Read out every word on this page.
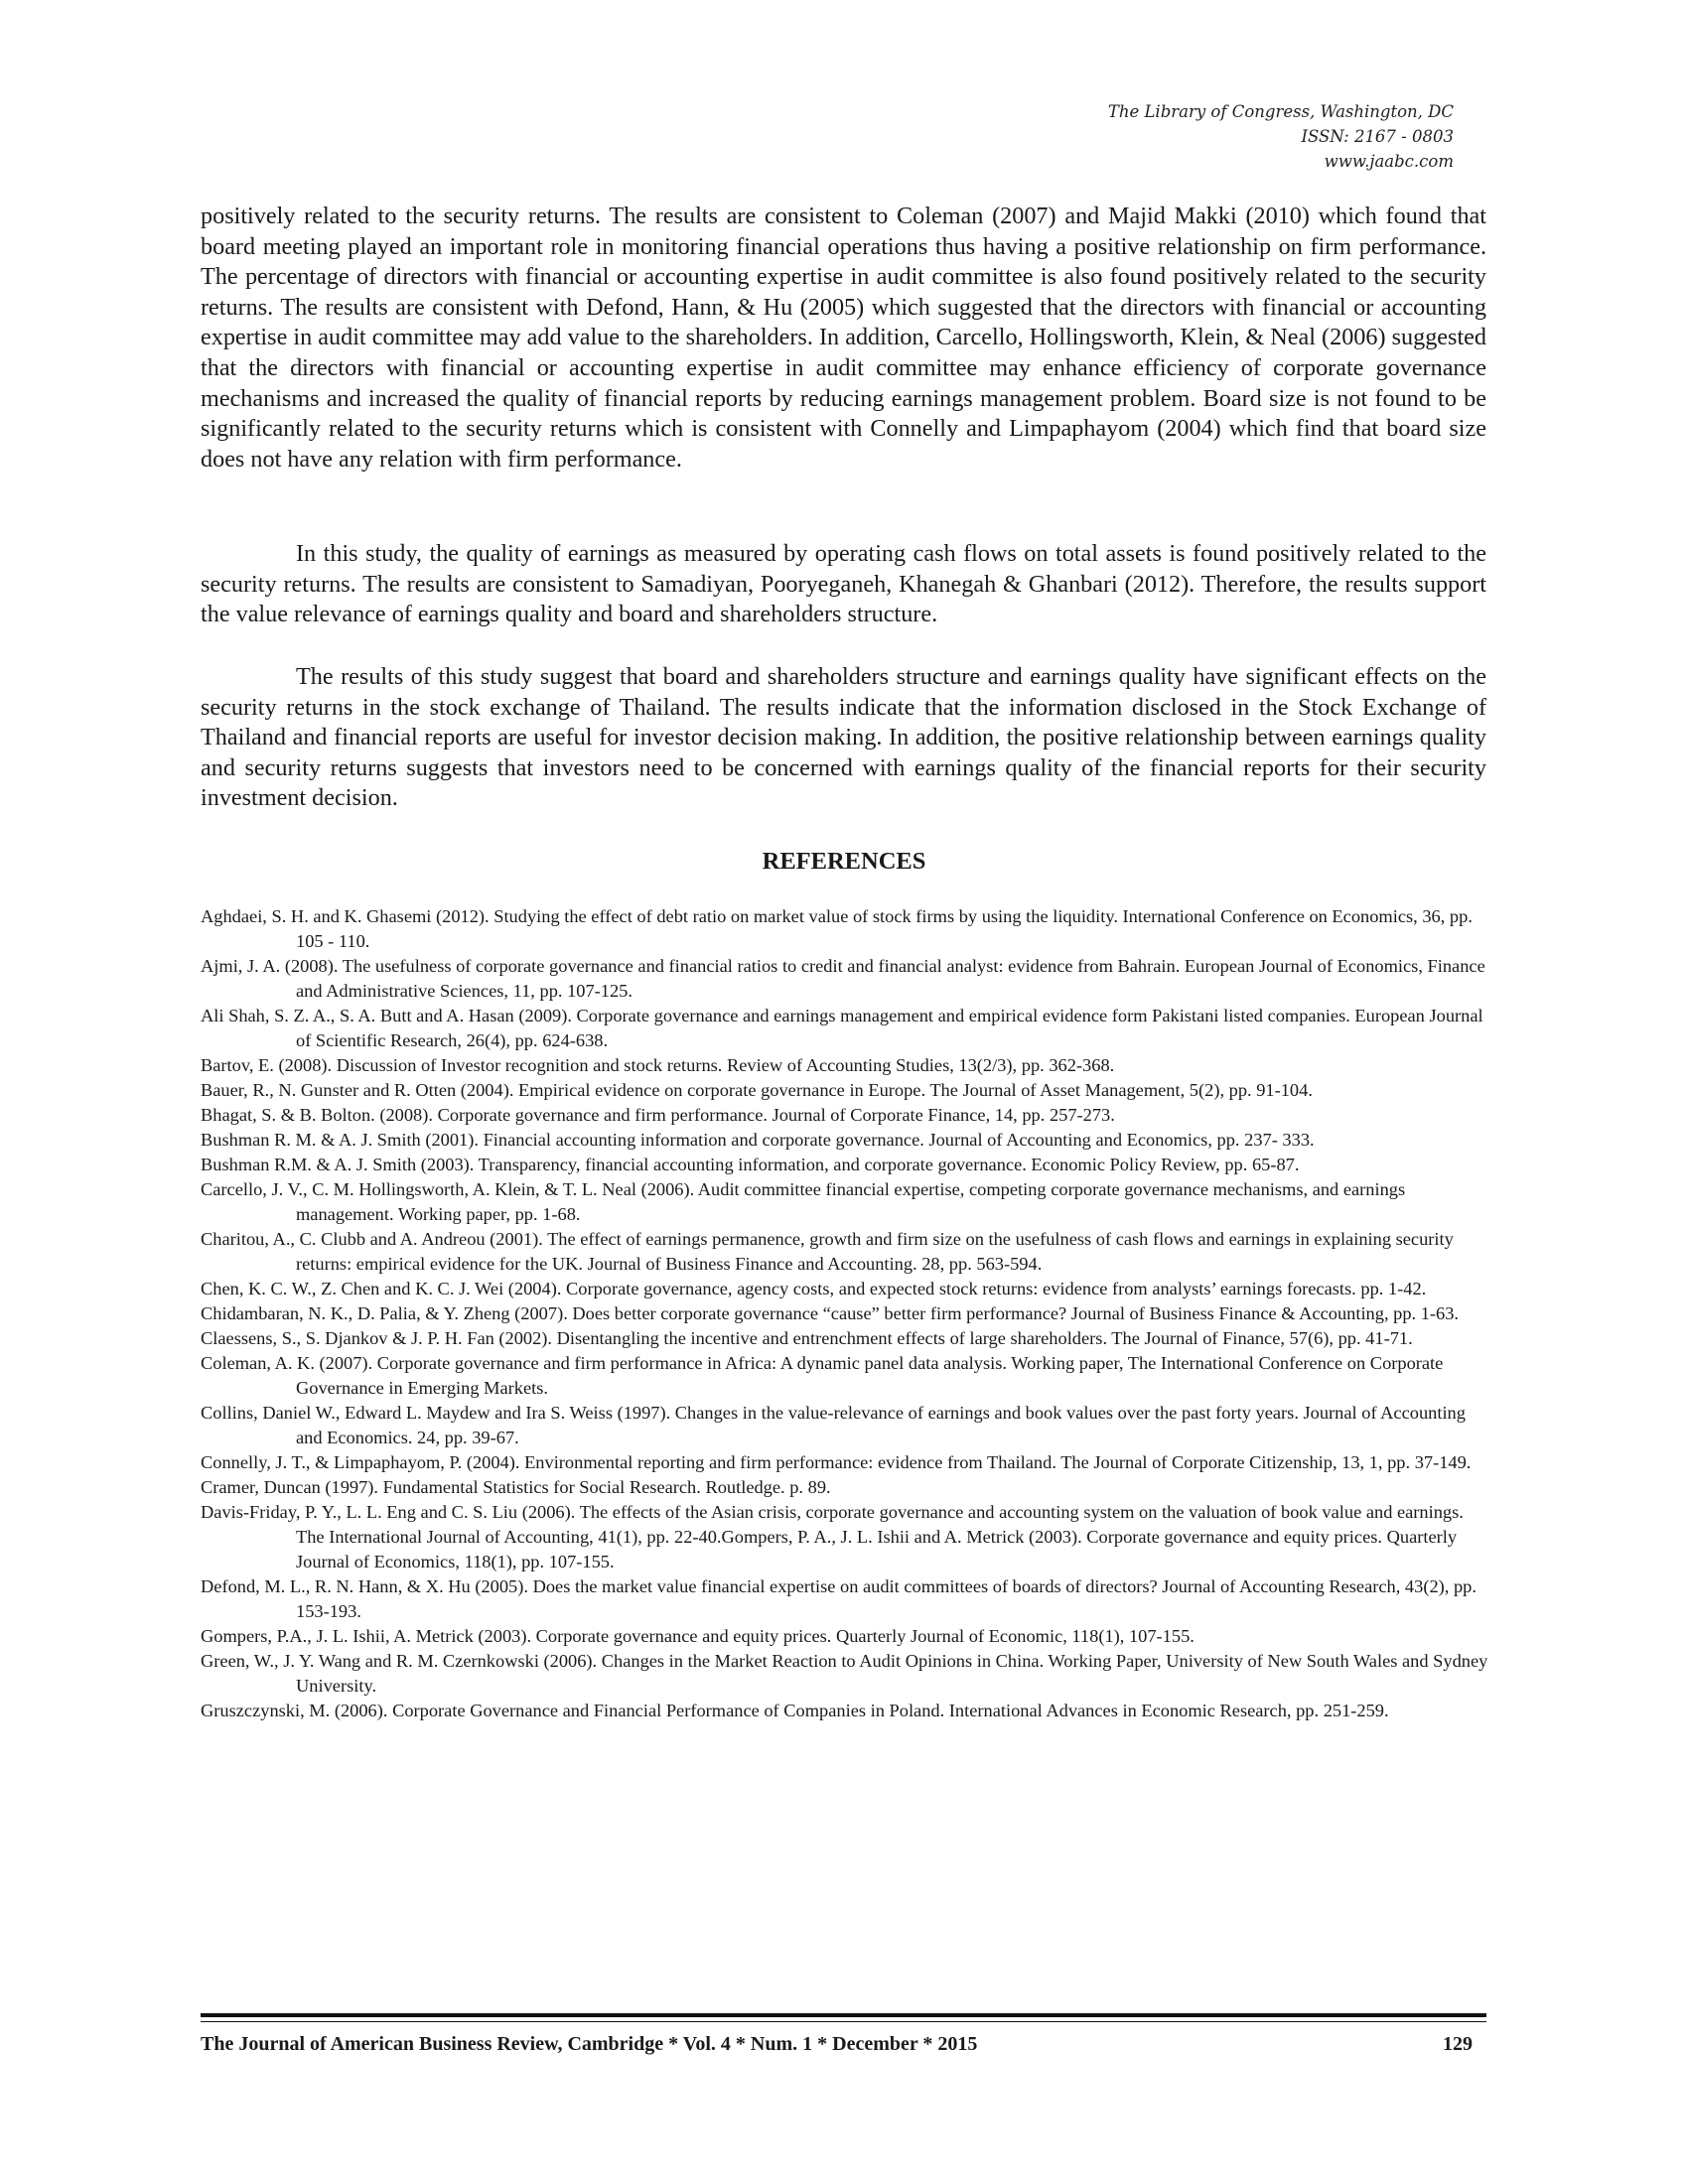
The Library of Congress, Washington, DC
ISSN: 2167 - 0803
www.jaabc.com

positively related to the security returns. The results are consistent to Coleman (2007) and Majid Makki (2010) which found that board meeting played an important role in monitoring financial operations thus having a positive relationship on firm performance. The percentage of directors with financial or accounting expertise in audit committee is also found positively related to the security returns. The results are consistent with Defond, Hann, & Hu (2005) which suggested that the directors with financial or accounting expertise in audit committee may add value to the shareholders. In addition, Carcello, Hollingsworth, Klein, & Neal (2006) suggested that the directors with financial or accounting expertise in audit committee may enhance efficiency of corporate governance mechanisms and increased the quality of financial reports by reducing earnings management problem. Board size is not found to be significantly related to the security returns which is consistent with Connelly and Limpaphayom (2004) which find that board size does not have any relation with firm performance.

In this study, the quality of earnings as measured by operating cash flows on total assets is found positively related to the security returns. The results are consistent to Samadiyan, Pooryeganeh, Khanegah & Ghanbari (2012). Therefore, the results support the value relevance of earnings quality and board and shareholders structure.

The results of this study suggest that board and shareholders structure and earnings quality have significant effects on the security returns in the stock exchange of Thailand. The results indicate that the information disclosed in the Stock Exchange of Thailand and financial reports are useful for investor decision making. In addition, the positive relationship between earnings quality and security returns suggests that investors need to be concerned with earnings quality of the financial reports for their security investment decision.

REFERENCES
Aghdaei, S. H. and K. Ghasemi (2012). Studying the effect of debt ratio on market value of stock firms by using the liquidity. International Conference on Economics, 36, pp. 105 - 110.
Ajmi, J. A. (2008). The usefulness of corporate governance and financial ratios to credit and financial analyst: evidence from Bahrain. European Journal of Economics, Finance and Administrative Sciences, 11, pp. 107-125.
Ali Shah, S. Z. A., S. A. Butt and A. Hasan (2009). Corporate governance and earnings management and empirical evidence form Pakistani listed companies. European Journal of Scientific Research, 26(4), pp. 624-638.
Bartov, E. (2008). Discussion of Investor recognition and stock returns. Review of Accounting Studies, 13(2/3), pp. 362-368.
Bauer, R., N. Gunster and R. Otten (2004). Empirical evidence on corporate governance in Europe. The Journal of Asset Management, 5(2), pp. 91-104.
Bhagat, S. & B. Bolton. (2008). Corporate governance and firm performance. Journal of Corporate Finance, 14, pp. 257-273.
Bushman R. M. & A. J. Smith (2001). Financial accounting information and corporate governance. Journal of Accounting and Economics, pp. 237- 333.
Bushman R.M. & A. J. Smith (2003). Transparency, financial accounting information, and corporate governance. Economic Policy Review, pp. 65-87.
Carcello, J. V., C. M. Hollingsworth, A. Klein, & T. L. Neal (2006). Audit committee financial expertise, competing corporate governance mechanisms, and earnings management. Working paper, pp. 1-68.
Charitou, A., C. Clubb and A. Andreou (2001). The effect of earnings permanence, growth and firm size on the usefulness of cash flows and earnings in explaining security returns: empirical evidence for the UK. Journal of Business Finance and Accounting. 28, pp. 563-594.
Chen, K. C. W., Z. Chen and K. C. J. Wei (2004). Corporate governance, agency costs, and expected stock returns: evidence from analysts’ earnings forecasts. pp. 1-42.
Chidambaran, N. K., D. Palia, & Y. Zheng (2007). Does better corporate governance “cause” better firm performance? Journal of Business Finance & Accounting, pp. 1-63.
Claessens, S., S. Djankov & J. P. H. Fan (2002). Disentangling the incentive and entrenchment effects of large shareholders. The Journal of Finance, 57(6), pp. 41-71.
Coleman, A. K. (2007). Corporate governance and firm performance in Africa: A dynamic panel data analysis. Working paper, The International Conference on Corporate Governance in Emerging Markets.
Collins, Daniel W., Edward L. Maydew and Ira S. Weiss (1997). Changes in the value-relevance of earnings and book values over the past forty years. Journal of Accounting and Economics. 24, pp. 39-67.
Connelly, J. T., & Limpaphayom, P. (2004). Environmental reporting and firm performance: evidence from Thailand. The Journal of Corporate Citizenship, 13, 1, pp. 37-149.
Cramer, Duncan (1997). Fundamental Statistics for Social Research. Routledge. p. 89.
Davis-Friday, P. Y., L. L. Eng and C. S. Liu (2006). The effects of the Asian crisis, corporate governance and accounting system on the valuation of book value and earnings. The International Journal of Accounting, 41(1), pp. 22-40.Gompers, P. A., J. L. Ishii and A. Metrick (2003). Corporate governance and equity prices. Quarterly Journal of Economics, 118(1), pp. 107-155.
Defond, M. L., R. N. Hann, & X. Hu (2005). Does the market value financial expertise on audit committees of boards of directors? Journal of Accounting Research, 43(2), pp. 153-193.
Gompers, P.A., J. L. Ishii, A. Metrick (2003). Corporate governance and equity prices. Quarterly Journal of Economic, 118(1), 107-155.
Green, W., J. Y. Wang and R. M. Czernkowski (2006). Changes in the Market Reaction to Audit Opinions in China. Working Paper, University of New South Wales and Sydney University.
Gruszczynski, M. (2006). Corporate Governance and Financial Performance of Companies in Poland. International Advances in Economic Research, pp. 251-259.
The Journal of American Business Review, Cambridge * Vol. 4 * Num. 1 * December * 2015	129
